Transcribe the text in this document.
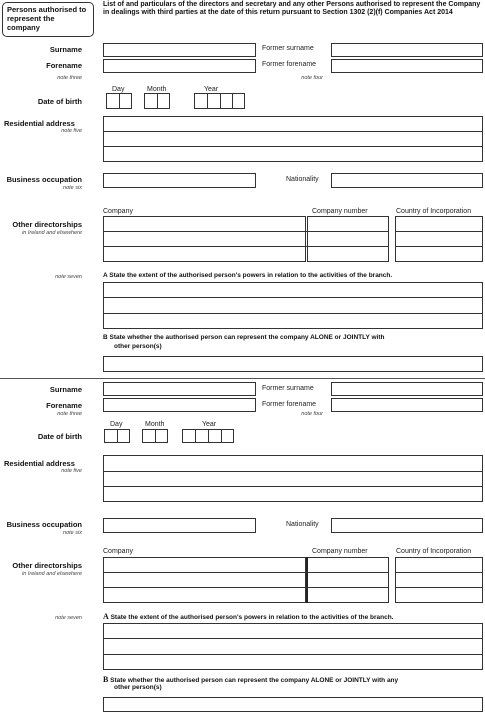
Persons authorised to represent the company
List of and particulars of the directors and secretary and any other Persons authorised to represent the Company in dealings with third parties at the date of this return pursuant to Section 1302 (2)(f) Companies Act 2014
Surname	Former surname
Forename	Former forename
note three	note four
Day	Month	Year
Date of birth
Residential address
note five
Business occupation
note six
Nationality
Company	Company number	Country of Incorporation
Other directorships
in Ireland and elsewhere
note seven	A State the extent of the authorised person's powers in relation to the activities of the branch.
B State whether the authorised person can represent the company ALONE or JOINTLY with
other person(s)
Surname	Former surname
Forename	Former forename
note three	note four
Day	Month	Year
Date of birth
Residential address
note five
Business occupation
note six
Nationality
Company	Company number	Country of Incorporation
Other directorships
in Ireland and elsewhere
note seven	A State the extent of the authorised person's powers in relation to the activities of the branch.
B State whether the authorised person can represent the company ALONE or JOINTLY with any
other person(s)
